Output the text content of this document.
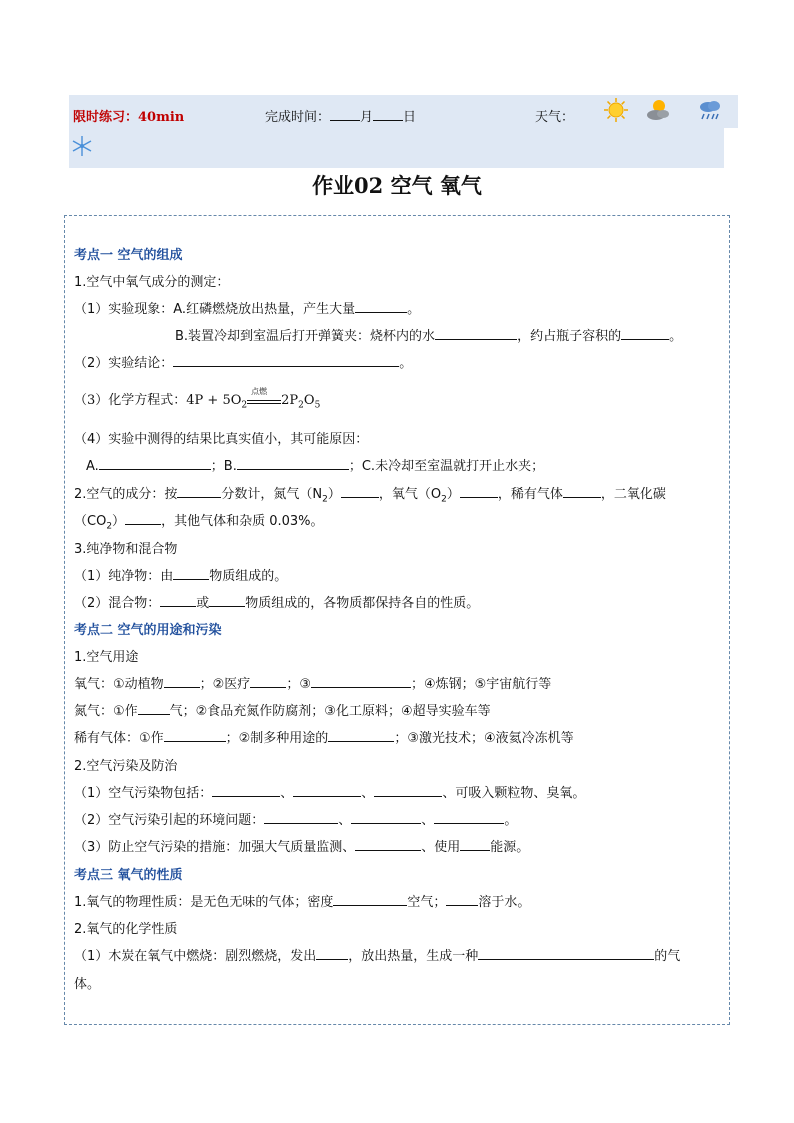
限时练习：40min	完成时间： 月 日	天气：
作业02 空气 氧气
考点一 空气的组成
1.空气中氧气成分的测定：
（1）实验现象：A.红磷燃烧放出热量，产生大量	。
B.装置冷却到室温后打开弹簧夹：烧杯内的水	，约占瓶子容积的	。
（2）实验结论：	。
（3）化学方程式：$4P + 5O_2$
点燃
$2P_2O_5$
（4）实验中测得的结果比真实值小，其可能原因：
A.	；B.	；C.未冷却至室温就打开止水夹；
2.空气的成分：按	分数计，氮气$(N_2)$	，氧气$(O_2)$	，稀有气体	，二氧化碳
$(CO_2)$	，其他气体和杂质 0.03%。
3.纯净物和混合物
（1）纯净物：由	物质组成的。
（2）混合物：	或	物质组成的，各物质都保持各自的性质。
考点二 空气的用途和污染
1.空气用途
氧气：①动植物	；②医疗	；③	；④炼钢；⑤宇宙航行等
氮气：①作 气；②食品充氮作防腐剂；③化工原料；④超导实验车等
稀有气体：①作	；②制多种用途的	；③激光技术；④液氦冷冻机等
2.空气污染及防治
（1）空气污染物包括：	、	、	、可吸入颗粒物、臭氧。
（2）空气污染引起的环境问题：	、	、	。
（3）防止空气污染的措施：加强大气质量监测、	、使用 能源。
考点三 氧气的性质
1.氧气的物理性质：是无色无味的气体；密度	空气； 溶于水。
2.氧气的化学性质
（1）木炭在氧气中燃烧：剧烈燃烧，发出 ，放出热量，生成一种	的气
体。
